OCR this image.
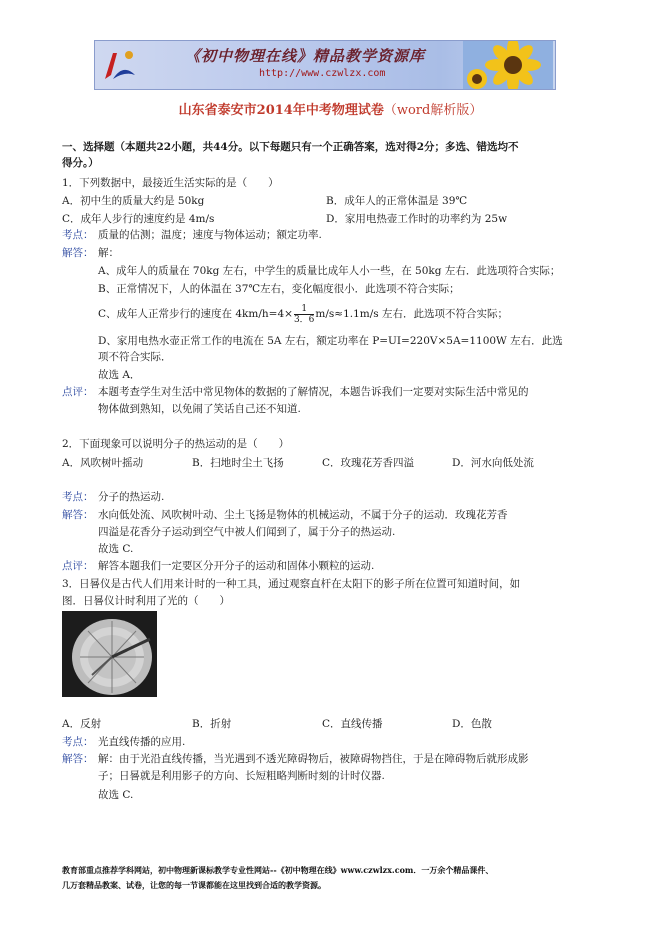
《初中物理在线》精品教学资源库
http://www.czwlzx.com
山东省泰安市2014年中考物理试卷（word解析版）
一、选择题（本题共22小题，共44分。以下每题只有一个正确答案，选对得2分；多选、错选均不
得分。）
1．下列数据中，最接近生活实际的是（　　）
A．初中生的质量大约是 50kg	B．成年人的正常体温是 39℃
C．成年人步行的速度约是 4m/s	D．家用电热壶工作时的功率约为 25w
考点： 质量的估测；温度；速度与物体运动；额定功率.
解答： 解：
A、成年人的质量在 70kg 左右，中学生的质量比成年人小一些，在 50kg 左右．此选项符合实际；
B、正常情况下，人的体温在 37℃左右，变化幅度很小．此选项不符合实际；
C、成年人正常步行的速度在 $4km/h=4\times \frac{1}{3.6} m/s\approx 1.1m/s$ 左右．此选项不符合实际；
D、家用电热水壶正常工作的电流在 5A 左右，额定功率在 P=UI=220V×5A=1100W 左右．此选
项不符合实际．
故选 A．
点评： 本题考查学生对生活中常见物体的数据的了解情况，本题告诉我们一定要对实际生活中常见的
物体做到熟知，以免闹了笑话自己还不知道.
2．下面现象可以说明分子的热运动的是（　　）
A．风吹树叶摇动	B．扫地时尘土飞扬	C．玫瑰花芳香四溢	D．河水向低处流
考点： 分子的热运动.
解答： 水向低处流、风吹树叶动、尘土飞扬是物体的机械运动，不属于分子的运动．玫瑰花芳香
四溢是花香分子运动到空气中被人们闻到了，属于分子的热运动.
故选 C.
点评： 解答本题我们一定要区分开分子的运动和固体小颗粒的运动.
3．日晷仪是古代人们用来计时的一种工具，通过观察直杆在太阳下的影子所在位置可知道时间，如
图．日晷仪计时利用了光的（　　）
A．反射	B．折射	C．直线传播	D．色散
考点： 光直线传播的应用.
解答： 解：由于光沿直线传播，当光遇到不透光障碍物后，被障碍物挡住，于是在障碍物后就形成影
子；日晷就是利用影子的方向、长短粗略判断时刻的计时仪器.
故选 C.
教育部重点推荐学科网站，初中物理新课标教学专业性网站--《初中物理在线》www.czwlzx.com．一万余个精品课件、
几万套精品教案、试卷，让您的每一节课都能在这里找到合适的教学资源。
